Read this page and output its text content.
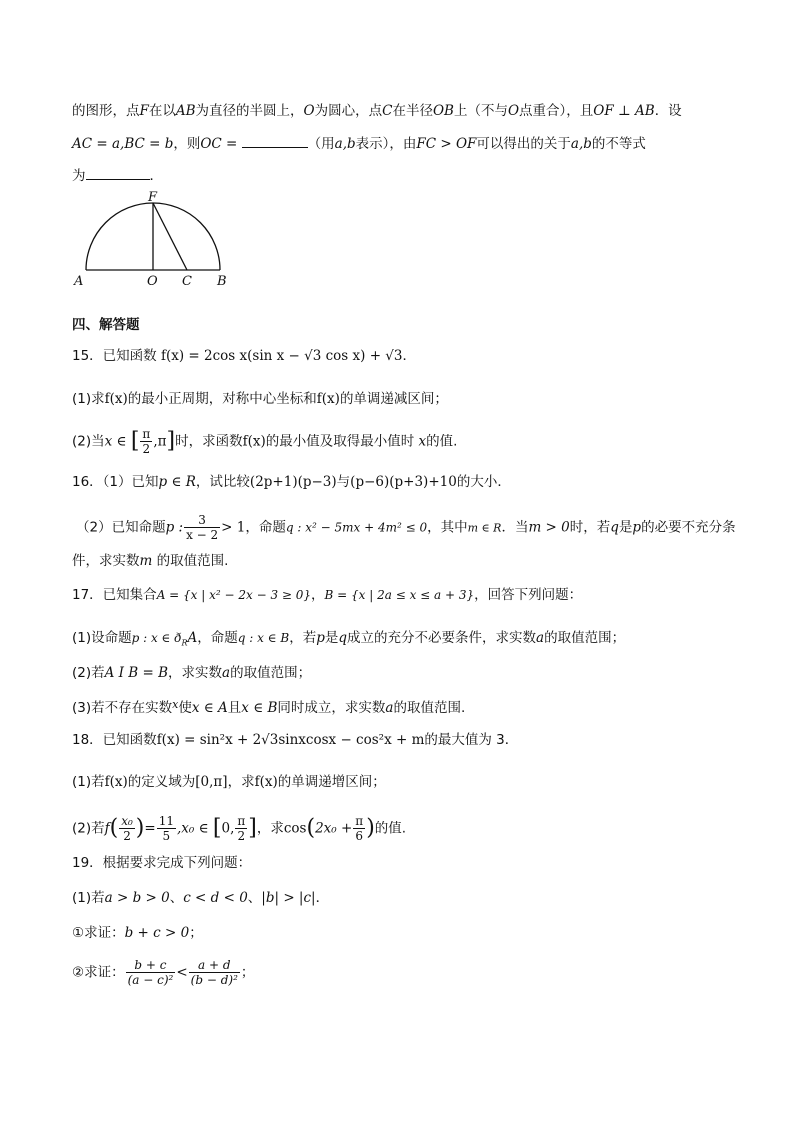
的图形，点F在以AB为直径的半圆上，O为圆心，点C在半径OB上（不与O点重合），且OF ⊥ AB．设
AC = a,BC = b，则OC =	（用a,b表示），由FC > OF可以得出的关于a,b的不等式
为	．
F
A	O C B
四、解答题
15．已知函数 f(x) = 2cos x(sin x − √3 cos x) + √3．
(1)求f(x)的最小正周期，对称中心坐标和f(x)的单调递减区间；
(2)当x ∈ [ $\frac{\pi}{2} ,\pi$]时，求函数f(x)的最小值及取得最小值时 x的值.
16．（1）已知p ∈ R，试比较(2p+1)(p−3)与(p−6)(p+3)+10的大小．
（2）已知命题p : $\frac{3}{x - 2} > 1$，命题q : x² − 5mx + 4m² ≤ 0，其中m ∈ R．当m > 0时，若q是p的必要不充分条
件，求实数m 的取值范围.
17．已知集合A = {x | x² − 2x − 3 ≥ 0}，B = {x | 2a ≤ x ≤ a + 3}，回答下列问题：
(1)设命题p : x ∈ $ð_RA$，命题q : x ∈ B，若p是q成立的充分不必要条件，求实数a的取值范围；
(2)若A I B = B，求实数a的取值范围；
(3)若不存在实数$^x$使x ∈ A且x ∈ B同时成立，求实数a的取值范围.
18．已知函数f(x) = sin²x + 2√3sinxcosx − cos²x + m的最大值为 3．
(1)若f(x)的定义域为[0,π]，求f(x)的单调递增区间；
(2)若$f( \frac{\text{x₀}}{2}$ )= $\frac{11}{5} ,x_0$ ∈ [0, $\frac{\pi}{2}$ ]，求$\cos(2x_0 + \frac{\pi}{6}$ )的值.
19．根据要求完成下列问题：
(1)若a > b > 0、c < d < 0、|b| > |c|．
①求证：b + c > 0；
②求证： $\frac{b + c}{\text{(a − c)²}} < \frac{a + d}{\text{(b − d)²}}$ ；
